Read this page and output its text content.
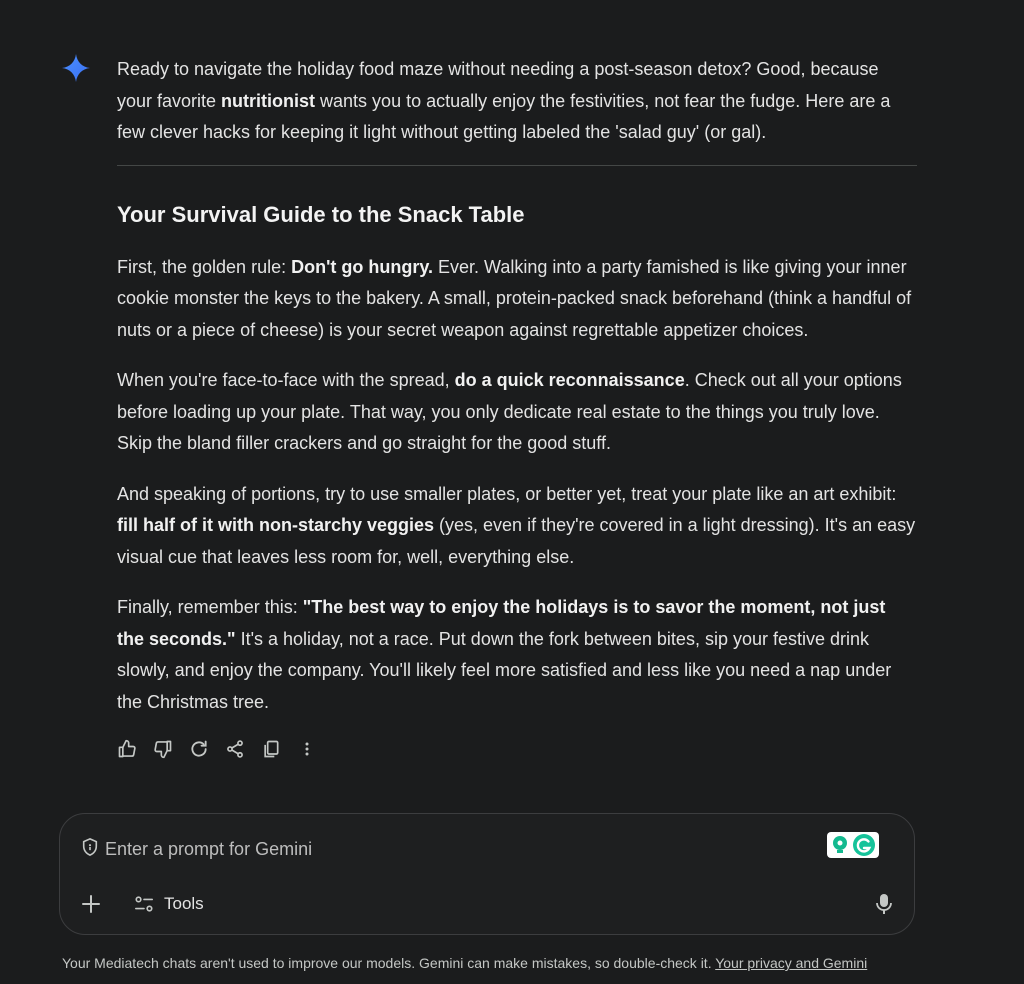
Ready to navigate the holiday food maze without needing a post-season detox? Good, because your favorite nutritionist wants you to actually enjoy the festivities, not fear the fudge. Here are a few clever hacks for keeping it light without getting labeled the 'salad guy' (or gal).

Your Survival Guide to the Snack Table

First, the golden rule: Don't go hungry. Ever. Walking into a party famished is like giving your inner cookie monster the keys to the bakery. A small, protein-packed snack beforehand (think a handful of nuts or a piece of cheese) is your secret weapon against regrettable appetizer choices.

When you're face-to-face with the spread, do a quick reconnaissance. Check out all your options before loading up your plate. That way, you only dedicate real estate to the things you truly love. Skip the bland filler crackers and go straight for the good stuff.

And speaking of portions, try to use smaller plates, or better yet, treat your plate like an art exhibit: fill half of it with non-starchy veggies (yes, even if they're covered in a light dressing). It's an easy visual cue that leaves less room for, well, everything else.

Finally, remember this: "The best way to enjoy the holidays is to savor the moment, not just the seconds." It's a holiday, not a race. Put down the fork between bites, sip your festive drink slowly, and enjoy the company. You'll likely feel more satisfied and less like you need a nap under the Christmas tree.

Enter a prompt for Gemini
Tools
Your Mediatech chats aren't used to improve our models. Gemini can make mistakes, so double-check it. Your privacy and Gemini
